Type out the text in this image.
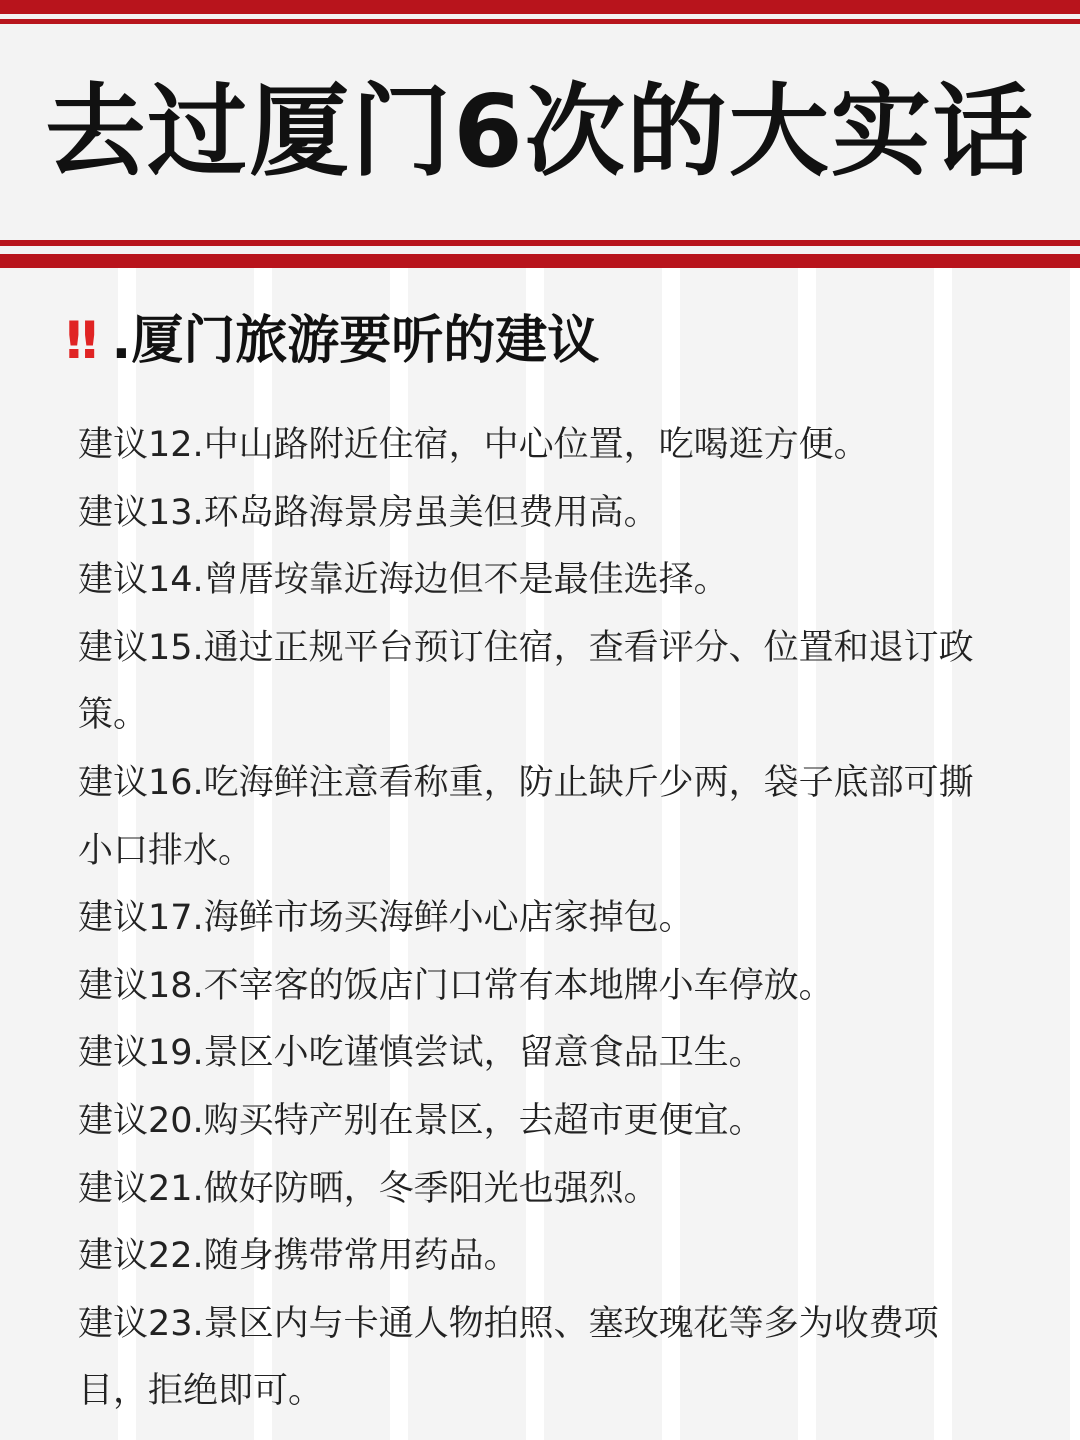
去过厦门6次的大实话
!! .厦门旅游要听的建议
建议12.中山路附近住宿，中心位置，吃喝逛方便。
建议13.环岛路海景房虽美但费用高。
建议14.曾厝垵靠近海边但不是最佳选择。
建议15.通过正规平台预订住宿，查看评分、位置和退订政策。
建议16.吃海鲜注意看称重，防止缺斤少两，袋子底部可撕小口排水。
建议17.海鲜市场买海鲜小心店家掉包。
建议18.不宰客的饭店门口常有本地牌小车停放。
建议19.景区小吃谨慎尝试，留意食品卫生。
建议20.购买特产别在景区，去超市更便宜。
建议21.做好防晒，冬季阳光也强烈。
建议22.随身携带常用药品。
建议23.景区内与卡通人物拍照、塞玫瑰花等多为收费项目，拒绝即可。
